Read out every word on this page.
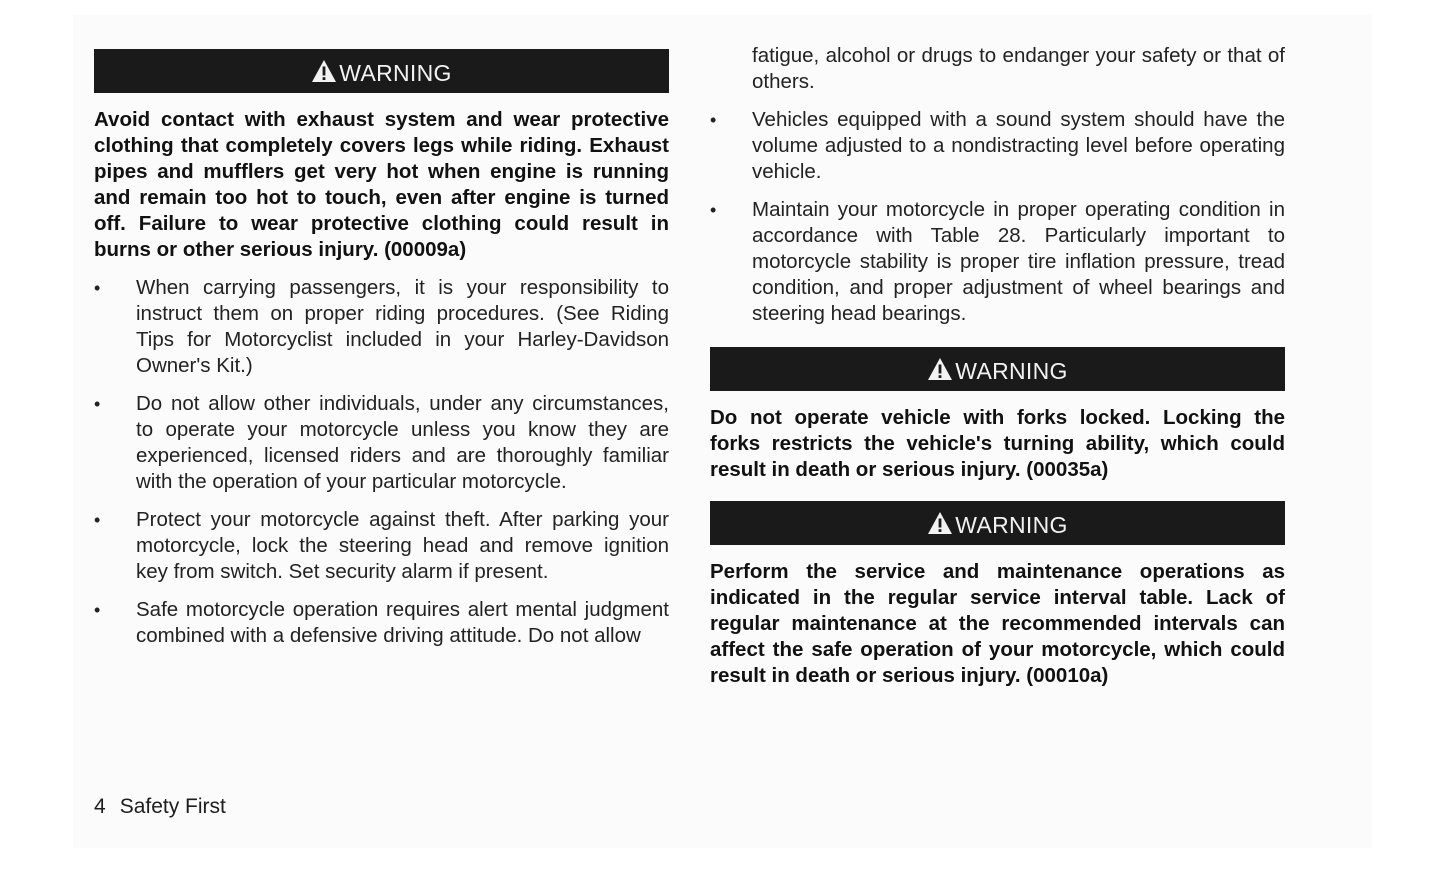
WARNING

Avoid contact with exhaust system and wear protective clothing that completely covers legs while riding. Exhaust pipes and mufflers get very hot when engine is running and remain too hot to touch, even after engine is turned off. Failure to wear protective clothing could result in burns or other serious injury. (00009a)

• When carrying passengers, it is your responsibility to instruct them on proper riding procedures. (See Riding Tips for Motorcyclist included in your Harley-Davidson Owner's Kit.)
• Do not allow other individuals, under any circumstances, to operate your motorcycle unless you know they are experienced, licensed riders and are thoroughly familiar with the operation of your particular motorcycle.
• Protect your motorcycle against theft. After parking your motorcycle, lock the steering head and remove ignition key from switch. Set security alarm if present.
• Safe motorcycle operation requires alert mental judgment combined with a defensive driving attitude. Do not allow
fatigue, alcohol or drugs to endanger your safety or that of others.
• Vehicles equipped with a sound system should have the volume adjusted to a nondistracting level before operating vehicle.
• Maintain your motorcycle in proper operating condition in accordance with Table 28. Particularly important to motorcycle stability is proper tire inflation pressure, tread condition, and proper adjustment of wheel bearings and steering head bearings.
WARNING

Do not operate vehicle with forks locked. Locking the forks restricts the vehicle's turning ability, which could result in death or serious injury. (00035a)

WARNING

Perform the service and maintenance operations as indicated in the regular service interval table. Lack of regular maintenance at the recommended intervals can affect the safe operation of your motorcycle, which could result in death or serious injury. (00010a)

4 Safety First
